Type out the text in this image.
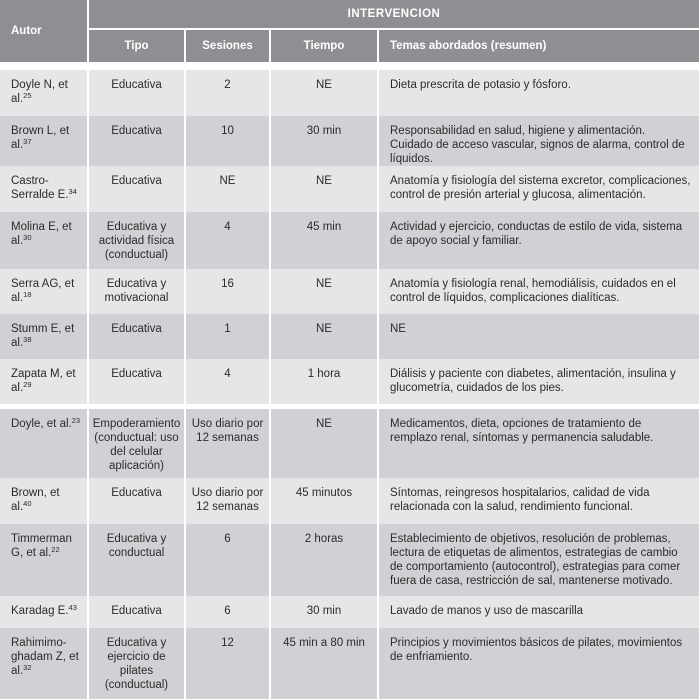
Autor	INTERVENCION			
	Tipo	Sesiones	Tiempo	Temas abordados (resumen)

Doyle N, et al.$^{25}$	Educativa	2	NE	Dieta prescrita de potasio y fósforo.
Brown L, et al.$^{37}$	Educativa	10	30 min	Responsabilidad en salud, higiene y alimentación. Cuidado de acceso vascular, signos de alarma, control de líquidos.
Castro-Serralde E.$^{34}$	Educativa	NE	NE	Anatomía y fisiología del sistema excretor, complicaciones, control de presión arterial y glucosa, alimentación.
Molina E, et al.$^{30}$	Educativa y actividad física (conductual)	4	45 min	Actividad y ejercicio, conductas de estilo de vida, sistema de apoyo social y familiar.
Serra AG, et al.$^{18}$	Educativa y motivacional	16	NE	Anatomía y fisiología renal, hemodiálisis, cuidados en el control de líquidos, complicaciones dialíticas.
Stumm E, et al.$^{38}$	Educativa	1	NE	NE
Zapata M, et al.$^{29}$	Educativa	4	1 hora	Diálisis y paciente con diabetes, alimentación, insulina y glucometría, cuidados de los pies.

Doyle, et al.$^{23}$	Empoderamiento (conductual: uso del celular aplicación)	Uso diario por 12 semanas	NE	Medicamentos, dieta, opciones de tratamiento de remplazo renal, síntomas y permanencia saludable.
Brown, et al.$^{40}$	Educativa	Uso diario por 12 semanas	45 minutos	Síntomas, reingresos hospitalarios, calidad de vida relacionada con la salud, rendimiento funcional.
Timmerman G, et al.$^{22}$	Educativa y conductual	6	2 horas	Establecimiento de objetivos, resolución de problemas, lectura de etiquetas de alimentos, estrategias de cambio de comportamiento (autocontrol), estrategias para comer fuera de casa, restricción de sal, mantenerse motivado.
Karadag E.$^{43}$	Educativa	6	30 min	Lavado de manos y uso de mascarilla
Rahimimo-ghadam Z, et al.$^{32}$	Educativa y ejercicio de pilates (conductual)	12	45 min a 80 min	Principios y movimientos básicos de pilates, movimientos de enfriamiento.
